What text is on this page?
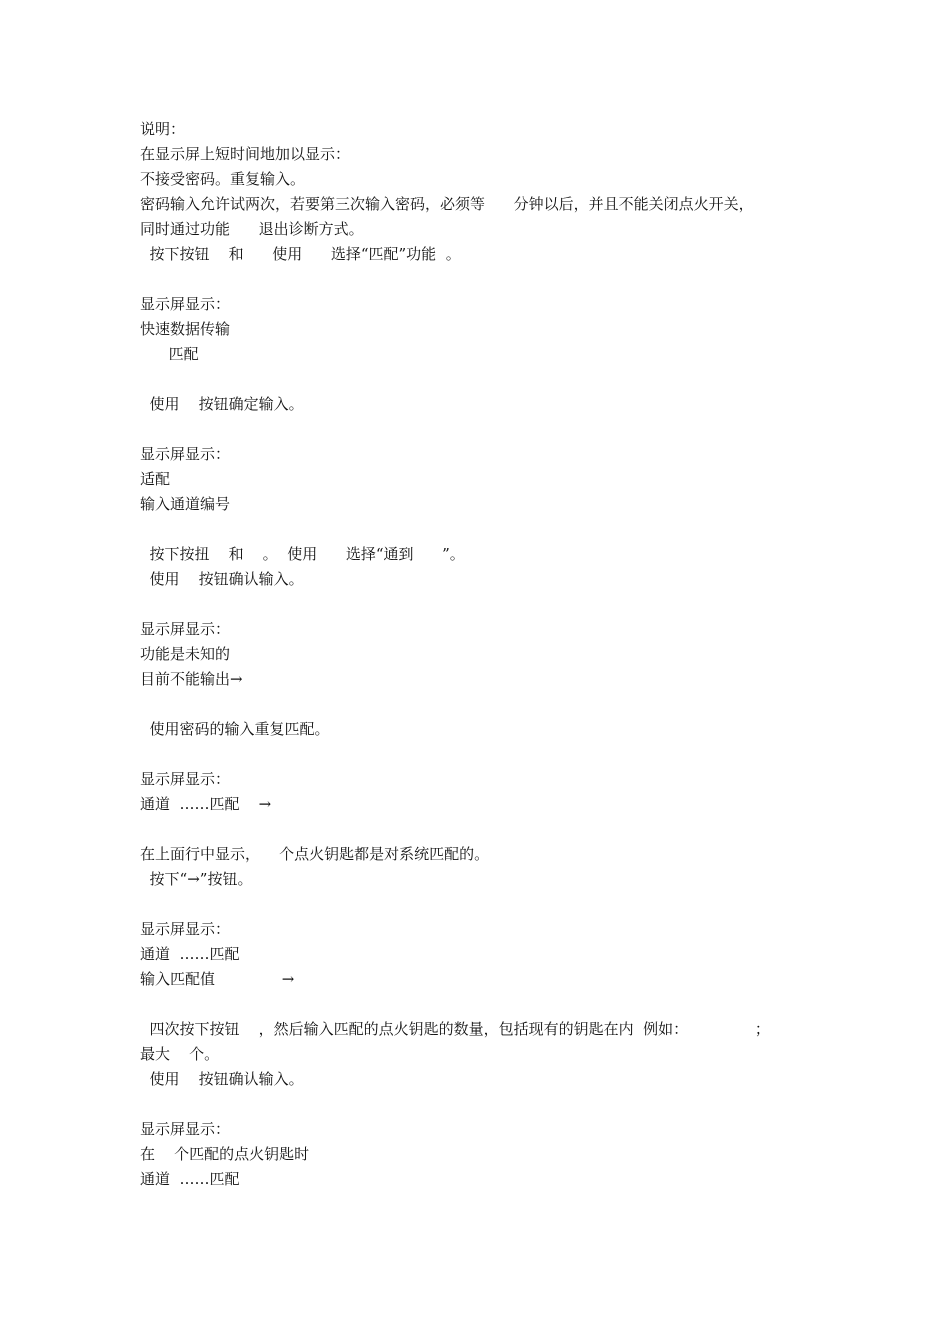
说明：
在显示屏上短时间地加以显示：
不接受密码。重复输入。
密码输入允许试两次，若要第三次输入密码，必须等      分钟以后，并且不能关闭点火开关，
同时通过功能      退出诊断方式。
按下按钮    和      使用      选择“匹配”功能  。
显示屏显示：
快速数据传输
匹配
使用    按钮确定输入。
显示屏显示：
适配
输入通道编号
按下按扭    和    。  使用      选择“通到      ”。
使用    按钮确认输入。
显示屏显示：
功能是未知的
目前不能输出→
使用密码的输入重复匹配。
显示屏显示：
通道  ……匹配    →
在上面行中显示，    个点火钥匙都是对系统匹配的。
按下“→”按钮。
显示屏显示：
通道  ……匹配
输入匹配值              →
四次按下按钮    ，然后输入匹配的点火钥匙的数量，包括现有的钥匙在内  例如：              ；
最大    个。
使用    按钮确认输入。
显示屏显示：
在    个匹配的点火钥匙时
通道  ……匹配
